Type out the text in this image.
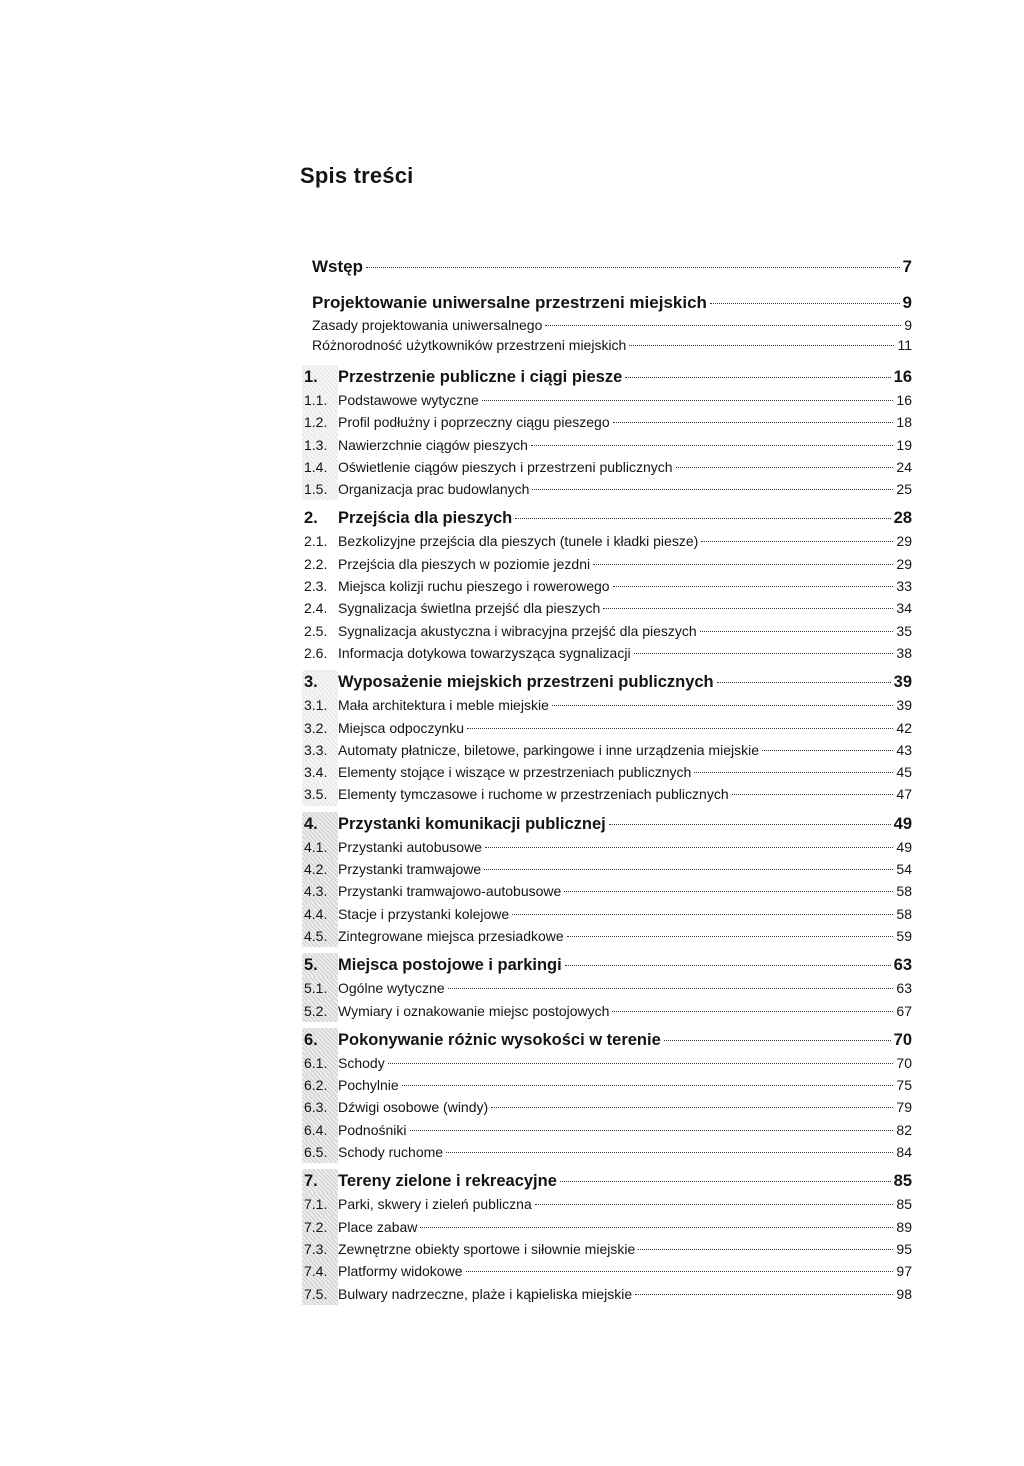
Spis treści
Wstęp	7
Projektowanie uniwersalne przestrzeni miejskich	9
Zasady projektowania uniwersalnego	9
Różnorodność użytkowników przestrzeni miejskich	11
1.	Przestrzenie publiczne i ciągi piesze	16
1.1. Podstawowe wytyczne	16
1.2. Profil podłużny i poprzeczny ciągu pieszego	18
1.3. Nawierzchnie ciągów pieszych	19
1.4. Oświetlenie ciągów pieszych i przestrzeni publicznych	24
1.5. Organizacja prac budowlanych	25
2.	Przejścia dla pieszych	28
2.1. Bezkolizyjne przejścia dla pieszych (tunele i kładki piesze)	29
2.2. Przejścia dla pieszych w poziomie jezdni	29
2.3. Miejsca kolizji ruchu pieszego i rowerowego	33
2.4. Sygnalizacja świetlna przejść dla pieszych	34
2.5. Sygnalizacja akustyczna i wibracyjna przejść dla pieszych	35
2.6. Informacja dotykowa towarzysząca sygnalizacji	38
3.	Wyposażenie miejskich przestrzeni publicznych	39
3.1. Mała architektura i meble miejskie	39
3.2. Miejsca odpoczynku	42
3.3. Automaty płatnicze, biletowe, parkingowe i inne urządzenia miejskie	43
3.4. Elementy stojące i wiszące w przestrzeniach publicznych	45
3.5. Elementy tymczasowe i ruchome w przestrzeniach publicznych	47
4.	Przystanki komunikacji publicznej	49
4.1. Przystanki autobusowe	49
4.2. Przystanki tramwajowe	54
4.3. Przystanki tramwajowo-autobusowe	58
4.4. Stacje i przystanki kolejowe	58
4.5. Zintegrowane miejsca przesiadkowe	59
5.	Miejsca postojowe i parkingi	63
5.1. Ogólne wytyczne	63
5.2. Wymiary i oznakowanie miejsc postojowych	67
6.	Pokonywanie różnic wysokości w terenie	70
6.1. Schody	70
6.2. Pochylnie	75
6.3. Dźwigi osobowe (windy)	79
6.4. Podnośniki	82
6.5. Schody ruchome	84
7.	Tereny zielone i rekreacyjne	85
7.1. Parki, skwery i zieleń publiczna	85
7.2. Place zabaw	89
7.3. Zewnętrzne obiekty sportowe i siłownie miejskie	95
7.4. Platformy widokowe	97
7.5. Bulwary nadrzeczne, plaże i kąpieliska miejskie	98
